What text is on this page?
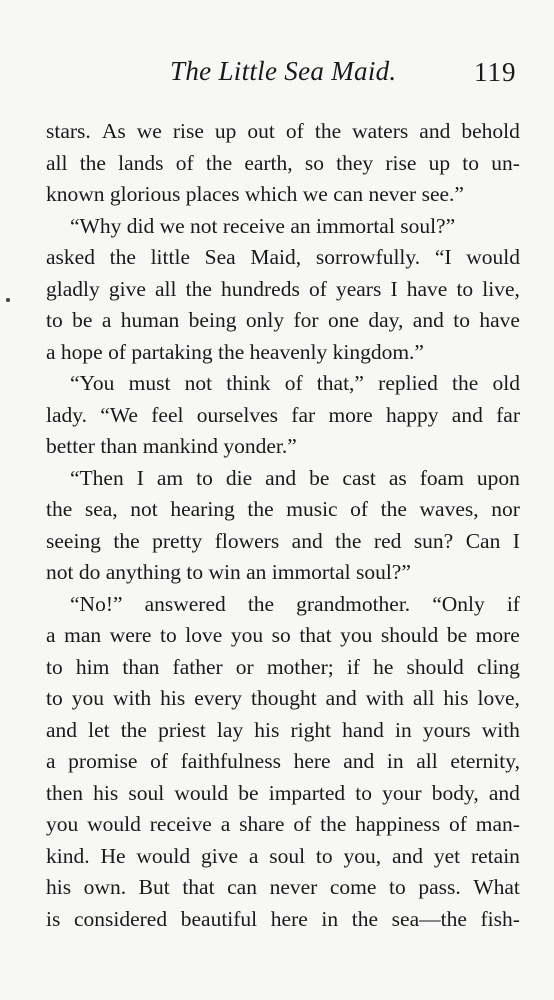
The Little Sea Maid.	119
stars. As we rise up out of the waters and behold
all the lands of the earth, so they rise up to un-
known glorious places which we can never see.”
“Why did we not receive an immortal soul?”
asked the little Sea Maid, sorrowfully. “I would
gladly give all the hundreds of years I have to live,
to be a human being only for one day, and to have
a hope of partaking the heavenly kingdom.”
“You must not think of that,” replied the old
lady. “We feel ourselves far more happy and far
better than mankind yonder.”
“Then I am to die and be cast as foam upon
the sea, not hearing the music of the waves, nor
seeing the pretty flowers and the red sun? Can I
not do anything to win an immortal soul?”
“No!” answered the grandmother. “Only if
a man were to love you so that you should be more
to him than father or mother; if he should cling
to you with his every thought and with all his love,
and let the priest lay his right hand in yours with
a promise of faithfulness here and in all eternity,
then his soul would be imparted to your body, and
you would receive a share of the happiness of man-
kind. He would give a soul to you, and yet retain
his own. But that can never come to pass. What
is considered beautiful here in the sea—the fish-
